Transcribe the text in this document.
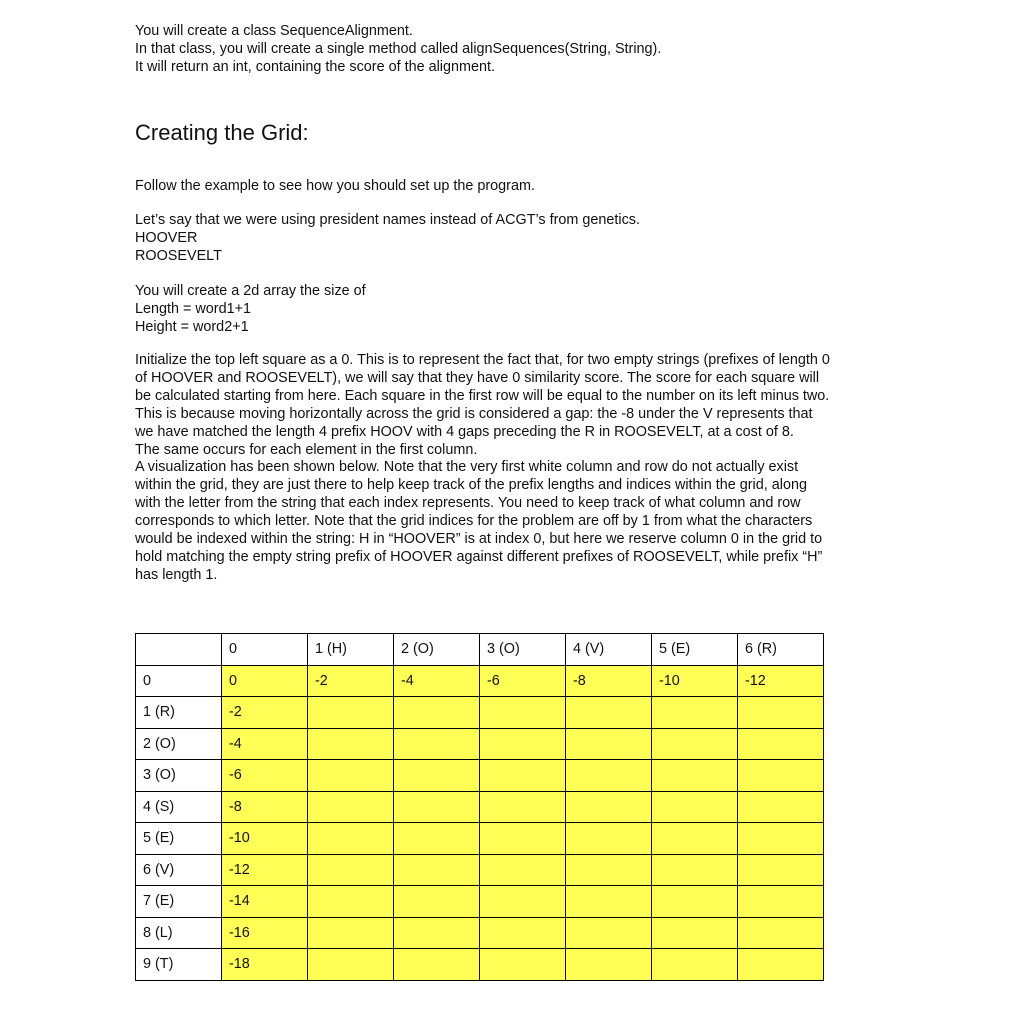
You will create a class SequenceAlignment.
In that class, you will create a single method called alignSequences(String, String).
It will return an int, containing the score of the alignment.
Creating the Grid:
Follow the example to see how you should set up the program.
Let’s say that we were using president names instead of ACGT’s from genetics.
HOOVER
ROOSEVELT
You will create a 2d array the size of
Length = word1+1
Height = word2+1

Initialize the top left square as a 0. This is to represent the fact that, for two empty strings (prefixes of length 0 of HOOVER and ROOSEVELT), we will say that they have 0 similarity score. The score for each square will be calculated starting from here. Each square in the first row will be equal to the number on its left minus two. This is because moving horizontally across the grid is considered a gap: the -8 under the V represents that we have matched the length 4 prefix HOOV with 4 gaps preceding the R in ROOSEVELT, at a cost of 8.

The same occurs for each element in the first column.

A visualization has been shown below. Note that the very first white column and row do not actually exist within the grid, they are just there to help keep track of the prefix lengths and indices within the grid, along with the letter from the string that each index represents. You need to keep track of what column and row corresponds to which letter. Note that the grid indices for the problem are off by 1 from what the characters would be indexed within the string: H in “HOOVER” is at index 0, but here we reserve column 0 in the grid to hold matching the empty string prefix of HOOVER against different prefixes of ROOSEVELT, while prefix “H” has length 1.

	0	1 (H)	2 (O)	3 (O)	4 (V)	5 (E)	6 (R)
0	0	-2	-4	-6	-8	-10	-12
1 (R)	-2						
2 (O)	-4						
3 (O)	-6						
4 (S)	-8						
5 (E)	-10						
6 (V)	-12						
7 (E)	-14						
8 (L)	-16						
9 (T)	-18						
